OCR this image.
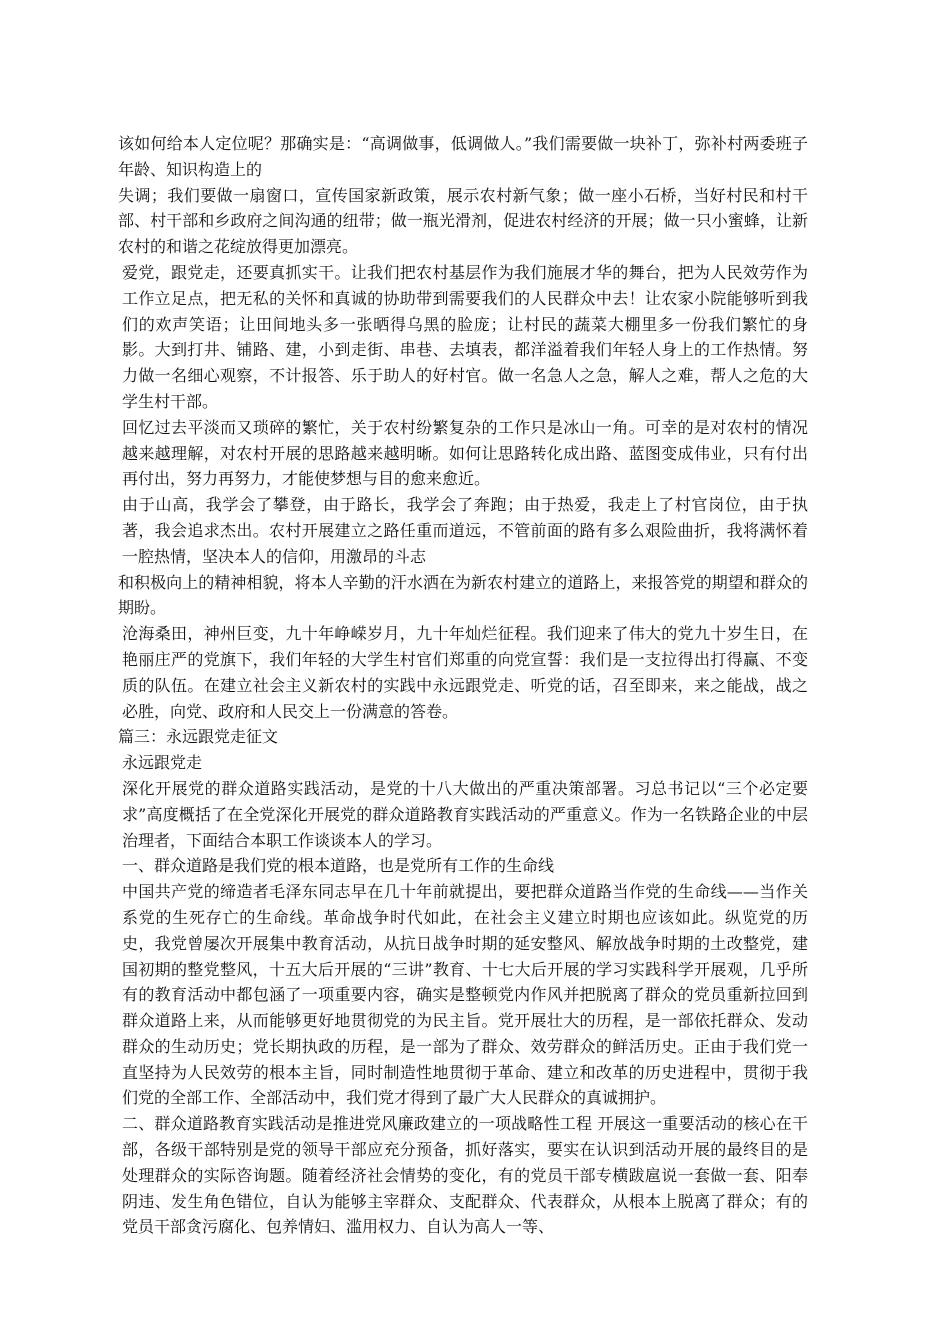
该如何给本人定位呢？那确实是：“高调做事，低调做人。”我们需要做一块补丁，弥补村两委班子年龄、知识构造上的

失调；我们要做一扇窗口，宣传国家新政策，展示农村新气象；做一座小石桥，当好村民和村干部、村干部和乡政府之间沟通的纽带；做一瓶光滑剂，促进农村经济的开展；做一只小蜜蜂，让新农村的和谐之花绽放得更加漂亮。

爱党，跟党走，还要真抓实干。让我们把农村基层作为我们施展才华的舞台，把为人民效劳作为工作立足点，把无私的关怀和真诚的协助带到需要我们的人民群众中去！让农家小院能够听到我们的欢声笑语；让田间地头多一张晒得乌黑的脸庞；让村民的蔬菜大棚里多一份我们繁忙的身影。大到打井、铺路、建，小到走街、串巷、去填表，都洋溢着我们年轻人身上的工作热情。努力做一名细心观察，不计报答、乐于助人的好村官。做一名急人之急，解人之难，帮人之危的大学生村干部。

回忆过去平淡而又琐碎的繁忙，关于农村纷繁复杂的工作只是冰山一角。可幸的是对农村的情况越来越理解，对农村开展的思路越来越明晰。如何让思路转化成出路、蓝图变成伟业，只有付出再付出，努力再努力，才能使梦想与目的愈来愈近。

由于山高，我学会了攀登，由于路长，我学会了奔跑；由于热爱，我走上了村官岗位，由于执著，我会追求杰出。农村开展建立之路任重而道远，不管前面的路有多么艰险曲折，我将满怀着一腔热情，坚决本人的信仰，用激昂的斗志

和积极向上的精神相貌，将本人辛勤的汗水洒在为新农村建立的道路上，来报答党的期望和群众的期盼。

沧海桑田，神州巨变，九十年峥嵘岁月，九十年灿烂征程。我们迎来了伟大的党九十岁生日，在艳丽庄严的党旗下，我们年轻的大学生村官们郑重的向党宣誓：我们是一支拉得出打得赢、不变质的队伍。在建立社会主义新农村的实践中永远跟党走、听党的话，召至即来，来之能战，战之必胜，向党、政府和人民交上一份满意的答卷。

篇三：永远跟党走征文

永远跟党走

深化开展党的群众道路实践活动，是党的十八大做出的严重决策部署。习总书记以“三个必定要求”高度概括了在全党深化开展党的群众道路教育实践活动的严重意义。作为一名铁路企业的中层治理者，下面结合本职工作谈谈本人的学习。

一、群众道路是我们党的根本道路，也是党所有工作的生命线

中国共产党的缔造者毛泽东同志早在几十年前就提出，要把群众道路当作党的生命线——当作关系党的生死存亡的生命线。革命战争时代如此，在社会主义建立时期也应该如此。纵览党的历史，我党曾屡次开展集中教育活动，从抗日战争时期的延安整风、解放战争时期的土改整党，建国初期的整党整风，十五大后开展的“三讲”教育、十七大后开展的学习实践科学开展观，几乎所有的教育活动中都包涵了一项重要内容，确实是整顿党内作风并把脱离了群众的党员重新拉回到群众道路上来，从而能够更好地贯彻党的为民主旨。党开展壮大的历程，是一部依托群众、发动群众的生动历史；党长期执政的历程，是一部为了群众、效劳群众的鲜活历史。正由于我们党一直坚持为人民效劳的根本主旨，同时制造性地贯彻于革命、建立和改革的历史进程中，贯彻于我们党的全部工作、全部活动中，我们党才得到了最广大人民群众的真诚拥护。

二、群众道路教育实践活动是推进党风廉政建立的一项战略性工程 开展这一重要活动的核心在干部，各级干部特别是党的领导干部应充分预备，抓好落实，要实在认识到活动开展的最终目的是处理群众的实际咨询题。随着经济社会情势的变化，有的党员干部专横跋扈说一套做一套、阳奉阴违、发生角色错位，自认为能够主宰群众、支配群众、代表群众，从根本上脱离了群众；有的党员干部贪污腐化、包养情妇、滥用权力、自认为高人一等、
